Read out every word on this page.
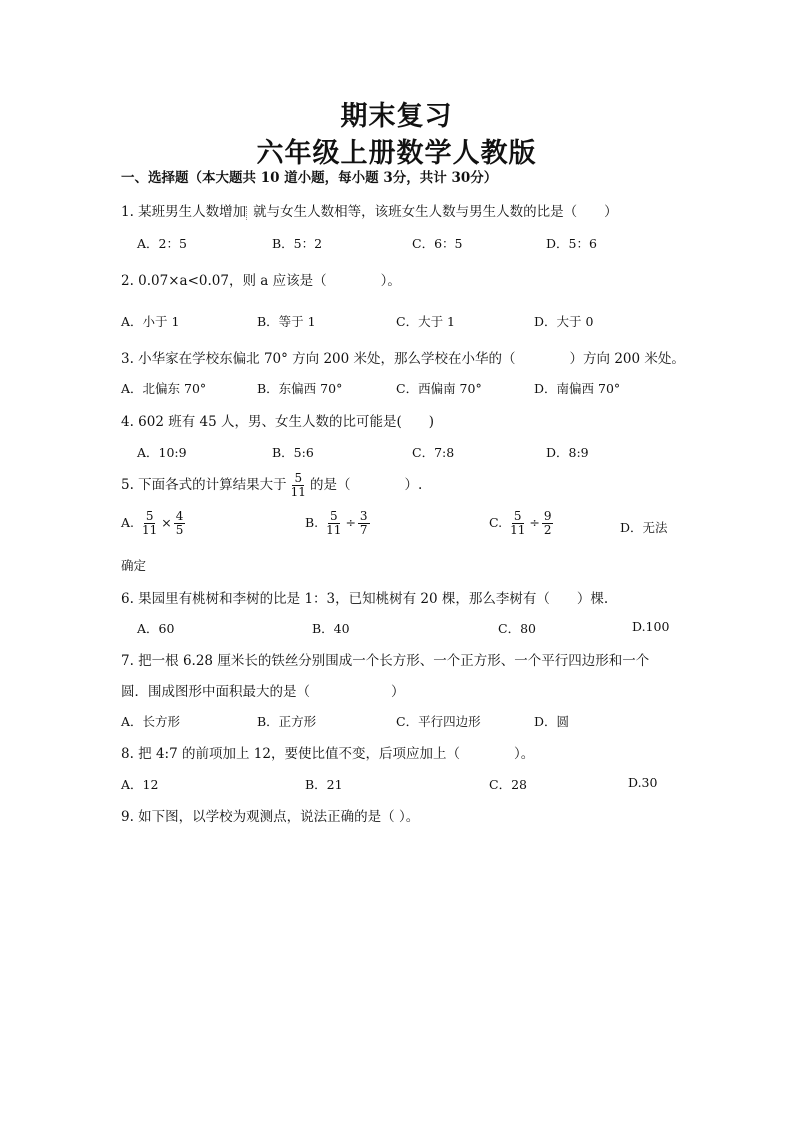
期末复习
六年级上册数学人教版
一、选择题（本大题共 10 道小题，每小题 3分，共计 30分）
1. 某班男生人数增加 就与女生人数相等，该班女生人数与男生人数的比是（　　）
A．2：5	B．5：2	C．6：5	D．5：6
2. 0.07×a<0.07，则 a 应该是（　　　　）。
A．小于 1	B．等于 1	C．大于 1	D．大于 0
3. 小华家在学校东偏北 70° 方向 200 米处，那么学校在小华的（　　　　）方向 200 米处。
A．北偏东 70°	B．东偏西 70°	C．西偏南 70°	D．南偏西 70°
4. 602 班有 45 人，男、女生人数的比可能是(　　)
A．10:9	B．5:6	C．7:8	D．8:9
5. 下面各式的计算结果大于 $\frac{5}{11}$ 的是（　　　　）.
A. $\frac{5}{11} \times \frac{4}{5}$	B. $\frac{5}{11} \div \frac{3}{7}$	C. $\frac{5}{11} \div \frac{9}{2}$	D．无法
确定
6. 果园里有桃树和李树的比是 1：3，已知桃树有 20 棵，那么李树有（　　）棵.
A．60	B．40	C．80	D.100
7. 把一根 6.28 厘米长的铁丝分别围成一个长方形、一个正方形、一个平行四边形和一个
圆．围成图形中面积最大的是（　　　　　　）
A．长方形	B．正方形	C．平行四边形	D．圆
8. 把 4:7 的前项加上 12，要使比值不变，后项应加上（　　　　）。
A．12	B．21	C．28	D.30
9. 如下图，以学校为观测点，说法正确的是（ ）。
